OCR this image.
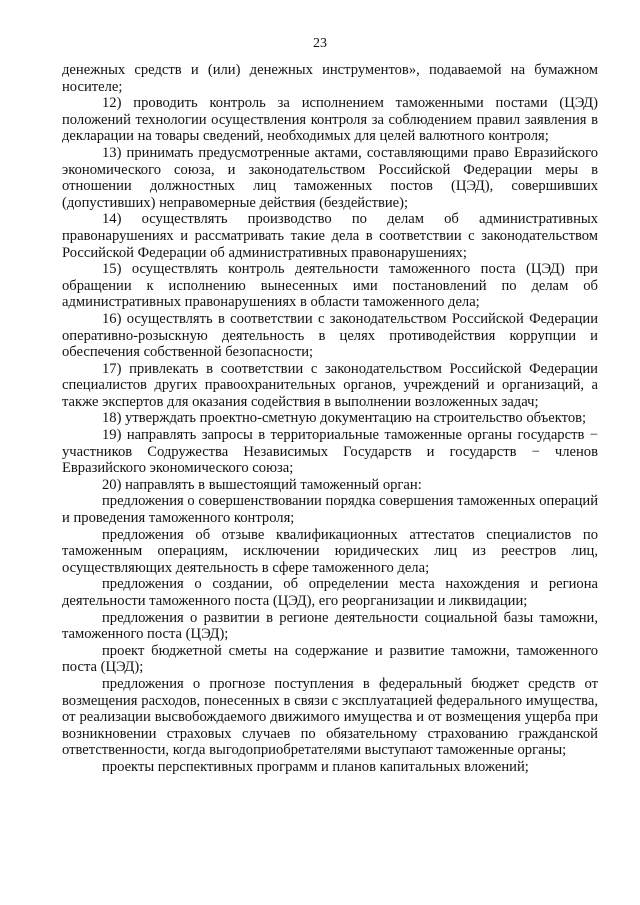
23

денежных средств и (или) денежных инструментов», подаваемой на бумажном носителе;

12) проводить контроль за исполнением таможенными постами (ЦЭД) положений технологии осуществления контроля за соблюдением правил заявления в декларации на товары сведений, необходимых для целей валютного контроля;

13) принимать предусмотренные актами, составляющими право Евразийского экономического союза, и законодательством Российской Федерации меры в отношении должностных лиц таможенных постов (ЦЭД), совершивших (допустивших) неправомерные действия (бездействие);

14) осуществлять производство по делам об административных правонарушениях и рассматривать такие дела в соответствии с законодательством Российской Федерации об административных правонарушениях;

15) осуществлять контроль деятельности таможенного поста (ЦЭД) при обращении к исполнению вынесенных ими постановлений по делам об административных правонарушениях в области таможенного дела;

16) осуществлять в соответствии с законодательством Российской Федерации оперативно-розыскную деятельность в целях противодействия коррупции и обеспечения собственной безопасности;

17) привлекать в соответствии с законодательством Российской Федерации специалистов других правоохранительных органов, учреждений и организаций, а также экспертов для оказания содействия в выполнении возложенных задач;

18) утверждать проектно-сметную документацию на строительство объектов;

19) направлять запросы в территориальные таможенные органы государств − участников Содружества Независимых Государств и государств − членов Евразийского экономического союза;

20) направлять в вышестоящий таможенный орган:

предложения о совершенствовании порядка совершения таможенных операций и проведения таможенного контроля;

предложения об отзыве квалификационных аттестатов специалистов по таможенным операциям, исключении юридических лиц из реестров лиц, осуществляющих деятельность в сфере таможенного дела;

предложения о создании, об определении места нахождения и региона деятельности таможенного поста (ЦЭД), его реорганизации и ликвидации;

предложения о развитии в регионе деятельности социальной базы таможни, таможенного поста (ЦЭД);

проект бюджетной сметы на содержание и развитие таможни, таможенного поста (ЦЭД);

предложения о прогнозе поступления в федеральный бюджет средств от возмещения расходов, понесенных в связи с эксплуатацией федерального имущества, от реализации высвобождаемого движимого имущества и от возмещения ущерба при возникновении страховых случаев по обязательному страхованию гражданской ответственности, когда выгодоприобретателями выступают таможенные органы;

проекты перспективных программ и планов капитальных вложений;
